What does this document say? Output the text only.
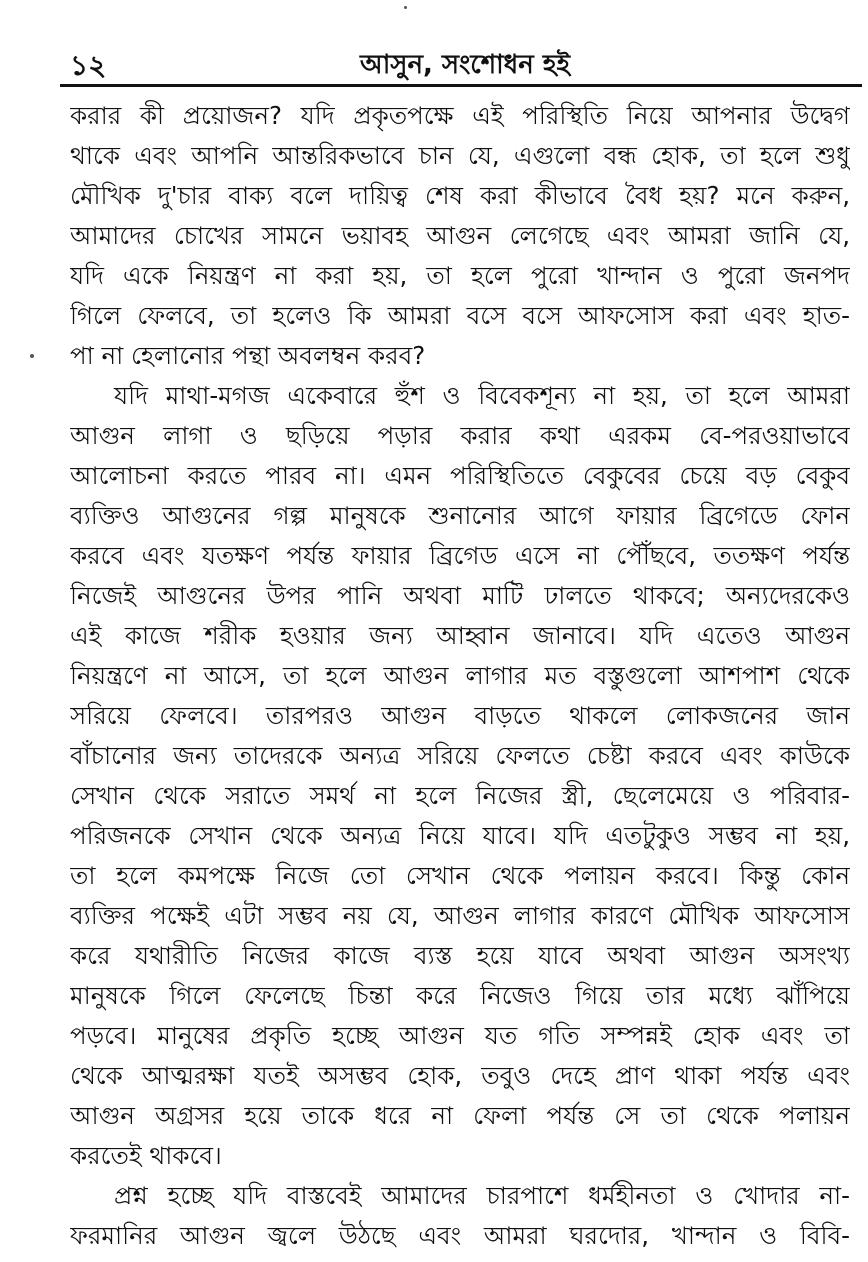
১২	আসুন, সংশোধন হই
করার কী প্রয়োজন? যদি প্রকৃতপক্ষে এই পরিস্থিতি নিয়ে আপনার উদ্বেগ
থাকে এবং আপনি আন্তরিকভাবে চান যে, এগুলো বন্ধ হোক, তা হলে শুধু
মৌখিক দু'চার বাক্য বলে দায়িত্ব শেষ করা কীভাবে বৈধ হয়? মনে করুন,
আমাদের চোখের সামনে ভয়াবহ আগুন লেগেছে এবং আমরা জানি যে,
যদি একে নিয়ন্ত্রণ না করা হয়, তা হলে পুরো খান্দান ও পুরো জনপদ
গিলে ফেলবে, তা হলেও কি আমরা বসে বসে আফসোস করা এবং হাত-
পা না হেলানোর পন্থা অবলম্বন করব?
যদি মাথা-মগজ একেবারে হুঁশ ও বিবেকশূন্য না হয়, তা হলে আমরা
আগুন লাগা ও ছড়িয়ে পড়ার করার কথা এরকম বে-পরওয়াভাবে
আলোচনা করতে পারব না। এমন পরিস্থিতিতে বেকুবের চেয়ে বড় বেকুব
ব্যক্তিও আগুনের গল্প মানুষকে শুনানোর আগে ফায়ার ব্রিগেডে ফোন
করবে এবং যতক্ষণ পর্যন্ত ফায়ার ব্রিগেড এসে না পৌঁছবে, ততক্ষণ পর্যন্ত
নিজেই আগুনের উপর পানি অথবা মাটি ঢালতে থাকবে; অন্যদেরকেও
এই কাজে শরীক হওয়ার জন্য আহ্বান জানাবে। যদি এতেও আগুন
নিয়ন্ত্রণে না আসে, তা হলে আগুন লাগার মত বস্তুগুলো আশপাশ থেকে
সরিয়ে ফেলবে। তারপরও আগুন বাড়তে থাকলে লোকজনের জান
বাঁচানোর জন্য তাদেরকে অন্যত্র সরিয়ে ফেলতে চেষ্টা করবে এবং কাউকে
সেখান থেকে সরাতে সমর্থ না হলে নিজের স্ত্রী, ছেলেমেয়ে ও পরিবার-
পরিজনকে সেখান থেকে অন্যত্র নিয়ে যাবে। যদি এতটুকুও সম্ভব না হয়,
তা হলে কমপক্ষে নিজে তো সেখান থেকে পলায়ন করবে। কিন্তু কোন
ব্যক্তির পক্ষেই এটা সম্ভব নয় যে, আগুন লাগার কারণে মৌখিক আফসোস
করে যথারীতি নিজের কাজে ব্যস্ত হয়ে যাবে অথবা আগুন অসংখ্য
মানুষকে গিলে ফেলেছে চিন্তা করে নিজেও গিয়ে তার মধ্যে ঝাঁপিয়ে
পড়বে। মানুষের প্রকৃতি হচ্ছে আগুন যত গতি সম্পন্নই হোক এবং তা
থেকে আত্মরক্ষা যতই অসম্ভব হোক, তবুও দেহে প্রাণ থাকা পর্যন্ত এবং
আগুন অগ্রসর হয়ে তাকে ধরে না ফেলা পর্যন্ত সে তা থেকে পলায়ন
করতেই থাকবে।
প্রশ্ন হচ্ছে যদি বাস্তবেই আমাদের চারপাশে ধর্মহীনতা ও খোদার না-
ফরমানির আগুন জ্বলে উঠছে এবং আমরা ঘরদোর, খান্দান ও বিবি-
